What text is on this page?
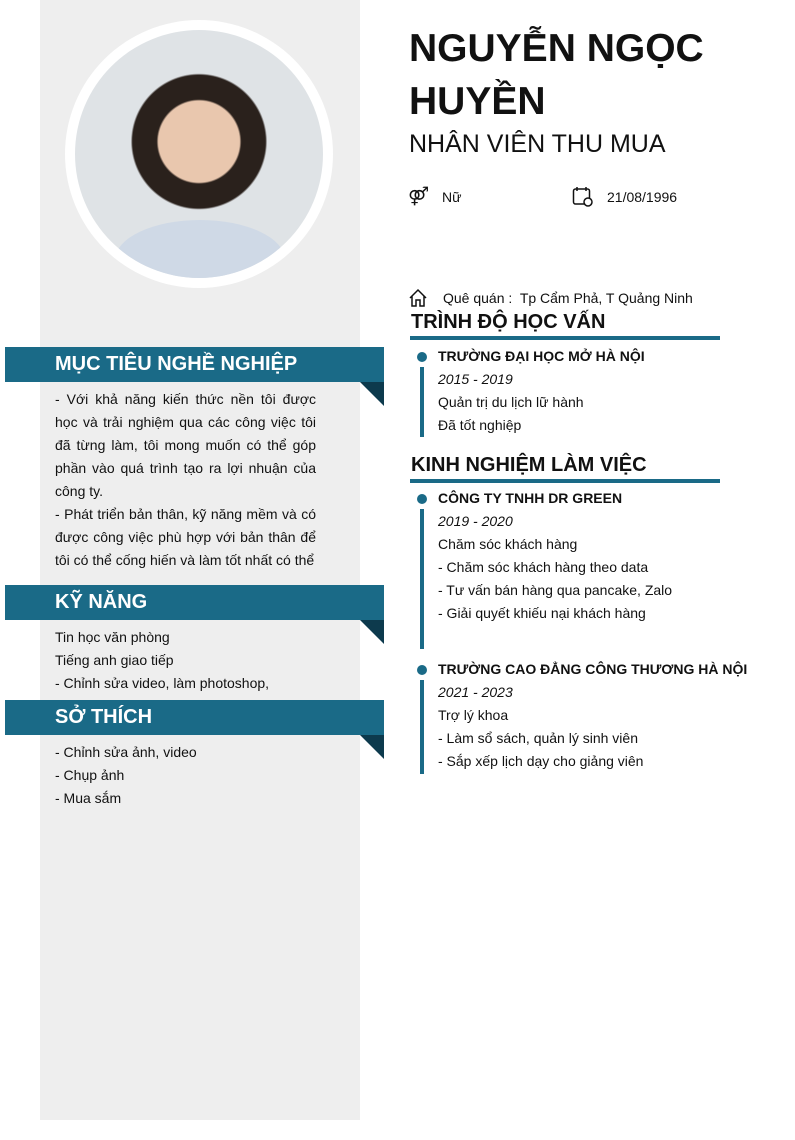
MỤC TIÊU NGHỀ NGHIỆP
- Với khả năng kiến thức nền tôi được học và trải nghiệm qua các công việc tôi đã từng làm, tôi mong muốn có thể góp phần vào quá trình tạo ra lợi nhuận của công ty.
- Phát triển bản thân, kỹ năng mềm và có được công việc phù hợp với bản thân để tôi có thể cống hiến và làm tốt nhất có thể
KỸ NĂNG
Tin học văn phòng
Tiếng anh giao tiếp
- Chỉnh sửa video, làm photoshop,
SỞ THÍCH
- Chỉnh sửa ảnh, video
- Chụp ảnh
- Mua sắm
NGUYỄN NGỌC HUYỀN
NHÂN VIÊN THU MUA
⚤ Nữ	21/08/1996
Quê quán : Tp Cẩm Phả, T Quảng Ninh
TRÌNH ĐỘ HỌC VẤN
TRƯỜNG ĐẠI HỌC MỞ HÀ NỘI
2015 - 2019
Quản trị du lịch lữ hành
Đã tốt nghiệp
KINH NGHIỆM LÀM VIỆC
CÔNG TY TNHH DR GREEN
2019 - 2020
Chăm sóc khách hàng
- Chăm sóc khách hàng theo data
- Tư vấn bán hàng qua pancake, Zalo
- Giải quyết khiếu nại khách hàng
TRƯỜNG CAO ĐẲNG CÔNG THƯƠNG HÀ NỘI
2021 - 2023
Trợ lý khoa
- Làm sổ sách, quản lý sinh viên
- Sắp xếp lịch dạy cho giảng viên
